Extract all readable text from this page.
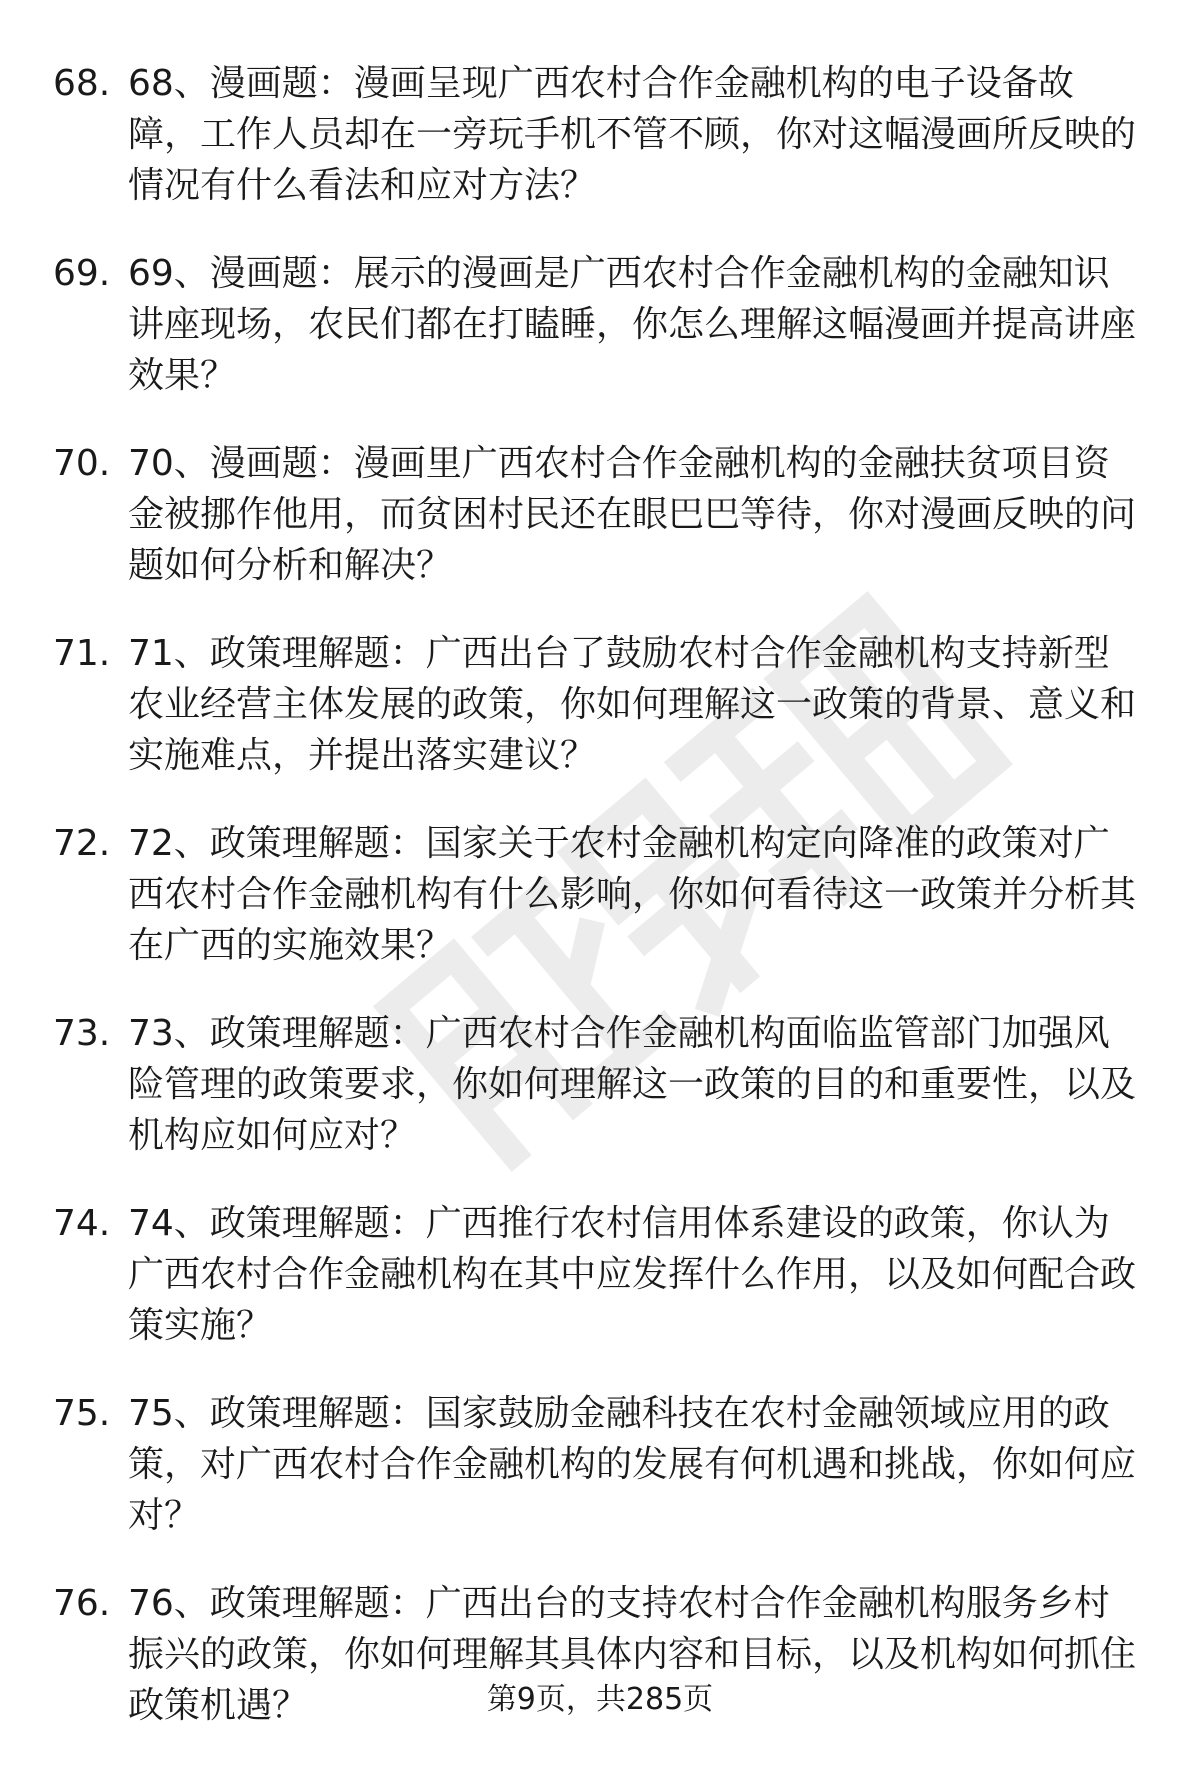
68. 68、漫画题：漫画呈现广西农村合作金融机构的电子设备故障，工作人员却在一旁玩手机不管不顾，你对这幅漫画所反映的情况有什么看法和应对方法？
69. 69、漫画题：展示的漫画是广西农村合作金融机构的金融知识讲座现场，农民们都在打瞌睡，你怎么理解这幅漫画并提高讲座效果？
70. 70、漫画题：漫画里广西农村合作金融机构的金融扶贫项目资金被挪作他用，而贫困村民还在眼巴巴等待，你对漫画反映的问题如何分析和解决？
71. 71、政策理解题：广西出台了鼓励农村合作金融机构支持新型农业经营主体发展的政策，你如何理解这一政策的背景、意义和实施难点，并提出落实建议？
72. 72、政策理解题：国家关于农村金融机构定向降准的政策对广西农村合作金融机构有什么影响，你如何看待这一政策并分析其在广西的实施效果？
73. 73、政策理解题：广西农村合作金融机构面临监管部门加强风险管理的政策要求，你如何理解这一政策的目的和重要性，以及机构应如何应对？
74. 74、政策理解题：广西推行农村信用体系建设的政策，你认为广西农村合作金融机构在其中应发挥什么作用，以及如何配合政策实施？
75. 75、政策理解题：国家鼓励金融科技在农村金融领域应用的政策，对广西农村合作金融机构的发展有何机遇和挑战，你如何应对？
76. 76、政策理解题：广西出台的支持农村合作金融机构服务乡村振兴的政策，你如何理解其具体内容和目标，以及机构如何抓住政策机遇？	第9页，共285页
